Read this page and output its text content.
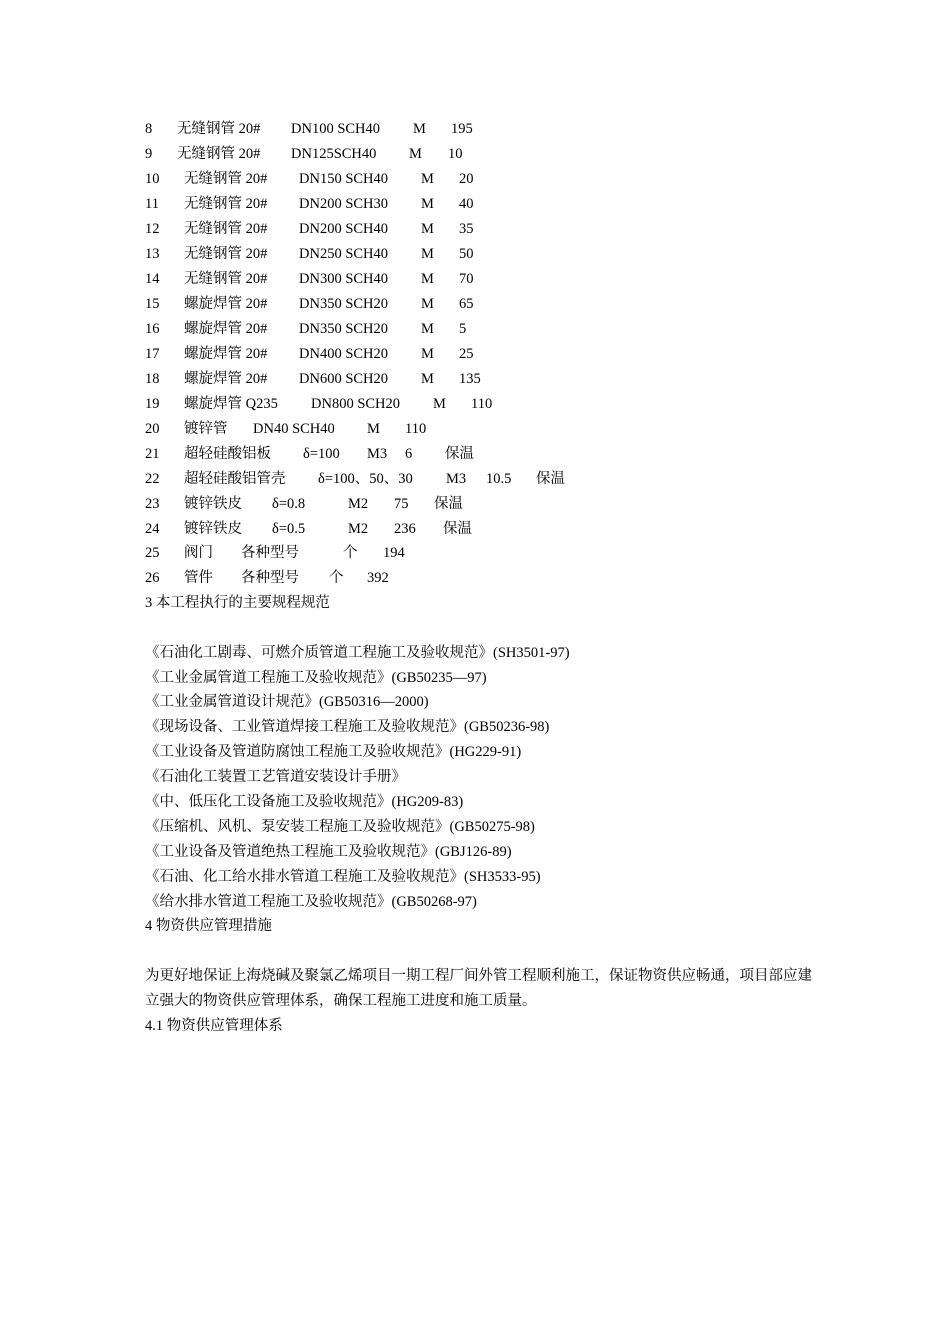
8 无缝钢管 20# DN100 SCH40 M 195
9 无缝钢管 20# DN125SCH40 M 10
10 无缝钢管 20# DN150 SCH40 M 20
11 无缝钢管 20# DN200 SCH30 M 40
12 无缝钢管 20# DN200 SCH40 M 35
13 无缝钢管 20# DN250 SCH40 M 50
14 无缝钢管 20# DN300 SCH40 M 70
15 螺旋焊管 20# DN350 SCH20 M 65
16 螺旋焊管 20# DN350 SCH20 M 5
17 螺旋焊管 20# DN400 SCH20 M 25
18 螺旋焊管 20# DN600 SCH20 M 135
19 螺旋焊管 Q235 DN800 SCH20 M 110
20 镀锌管 DN40 SCH40 M 110
21 超轻硅酸铝板 δ=100 M3 6 保温
22 超轻硅酸铝管壳 δ=100、50、30 M3 10.5 保温
23 镀锌铁皮 δ=0.8	M2 75 保温
24 镀锌铁皮 δ=0.5	M2 236 保温
25 阀门 各种型号	个 194
26 管件 各种型号 个 392
3 本工程执行的主要规程规范
《石油化工剧毒、可燃介质管道工程施工及验收规范》(SH3501-97)
《工业金属管道工程施工及验收规范》(GB50235—97)
《工业金属管道设计规范》(GB50316—2000)
《现场设备、工业管道焊接工程施工及验收规范》(GB50236-98)
《工业设备及管道防腐蚀工程施工及验收规范》(HG229-91)
《石油化工装置工艺管道安装设计手册》
《中、低压化工设备施工及验收规范》(HG209-83)
《压缩机、风机、泵安装工程施工及验收规范》(GB50275-98)
《工业设备及管道绝热工程施工及验收规范》(GBJ126-89)
《石油、化工给水排水管道工程施工及验收规范》(SH3533-95)
《给水排水管道工程施工及验收规范》(GB50268-97)
4 物资供应管理措施
为更好地保证上海烧碱及聚氯乙烯项目一期工程厂间外管工程顺利施工，保证物资供应畅通，项目部应建立强大的物资供应管理体系，确保工程施工进度和施工质量。
4.1 物资供应管理体系
